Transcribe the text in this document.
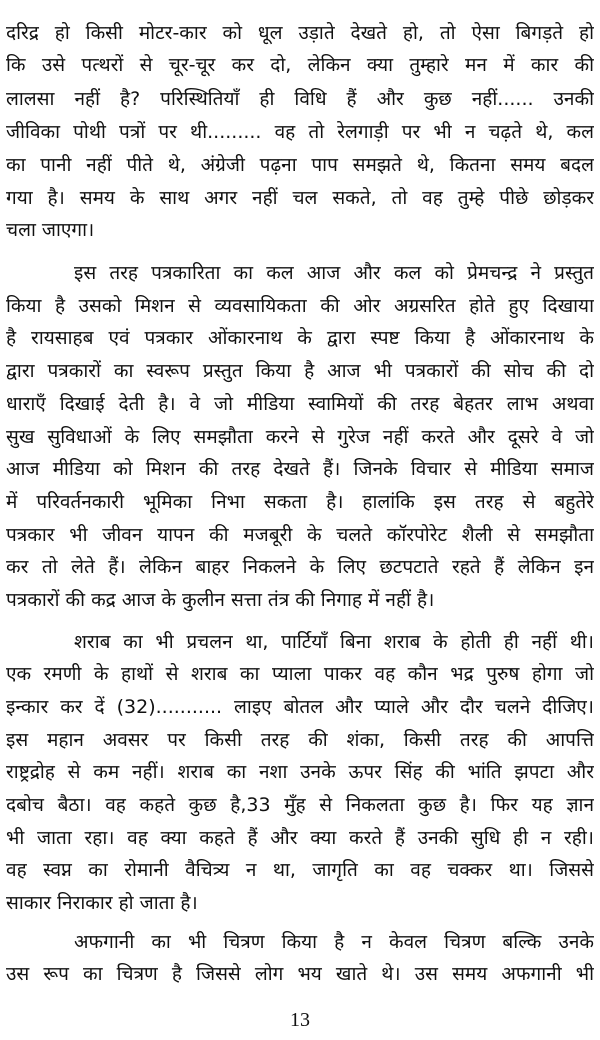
दरिद्र हो किसी मोटर-कार को धूल उड़ाते देखते हो, तो ऐसा बिगड़ते हो
कि उसे पत्थरों से चूर-चूर कर दो, लेकिन क्या तुम्हारे मन में कार की
लालसा नहीं है? परिस्थितियाँ ही विधि हैं और कुछ नहीं...... उनकी
जीविका पोथी पत्रों पर थी......... वह तो रेलगाड़ी पर भी न चढ़ते थे, कल
का पानी नहीं पीते थे, अंग्रेजी पढ़ना पाप समझते थे, कितना समय बदल
गया है। समय के साथ अगर नहीं चल सकते, तो वह तुम्हे पीछे छोड़कर
चला जाएगा।
इस तरह पत्रकारिता का कल आज और कल को प्रेमचन्द्र ने प्रस्तुत
किया है उसको मिशन से व्यवसायिकता की ओर अग्रसरित होते हुए दिखाया
है रायसाहब एवं पत्रकार ओंकारनाथ के द्वारा स्पष्ट किया है ओंकारनाथ के
द्वारा पत्रकारों का स्वरूप प्रस्तुत किया है आज भी पत्रकारों की सोच की दो
धाराएँ दिखाई देती है। वे जो मीडिया स्वामियों की तरह बेहतर लाभ अथवा
सुख सुविधाओं के लिए समझौता करने से गुरेज नहीं करते और दूसरे वे जो
आज मीडिया को मिशन की तरह देखते हैं। जिनके विचार से मीडिया समाज
में परिवर्तनकारी भूमिका निभा सकता है। हालांकि इस तरह से बहुतेरे
पत्रकार भी जीवन यापन की मजबूरी के चलते कॉरपोरेट शैली से समझौता
कर तो लेते हैं। लेकिन बाहर निकलने के लिए छटपटाते रहते हैं लेकिन इन
पत्रकारों की कद्र आज के कुलीन सत्ता तंत्र की निगाह में नहीं है।
शराब का भी प्रचलन था, पार्टियाँ बिना शराब के होती ही नहीं थी।
एक रमणी के हाथों से शराब का प्याला पाकर वह कौन भद्र पुरुष होगा जो
इन्कार कर दें (32)........... लाइए बोतल और प्याले और दौर चलने दीजिए।
इस महान अवसर पर किसी तरह की शंका, किसी तरह की आपत्ति
राष्ट्रद्रोह से कम नहीं। शराब का नशा उनके ऊपर सिंह की भांति झपटा और
दबोच बैठा। वह कहते कुछ है,33 मुँह से निकलता कुछ है। फिर यह ज्ञान
भी जाता रहा। वह क्या कहते हैं और क्या करते हैं उनकी सुधि ही न रही।
वह स्वप्न का रोमानी वैचित्र्य न था, जागृति का वह चक्कर था। जिससे
साकार निराकार हो जाता है।
अफगानी का भी चित्रण किया है न केवल चित्रण बल्कि उनके
उस रूप का चित्रण है जिससे लोग भय खाते थे। उस समय अफगानी भी
13
